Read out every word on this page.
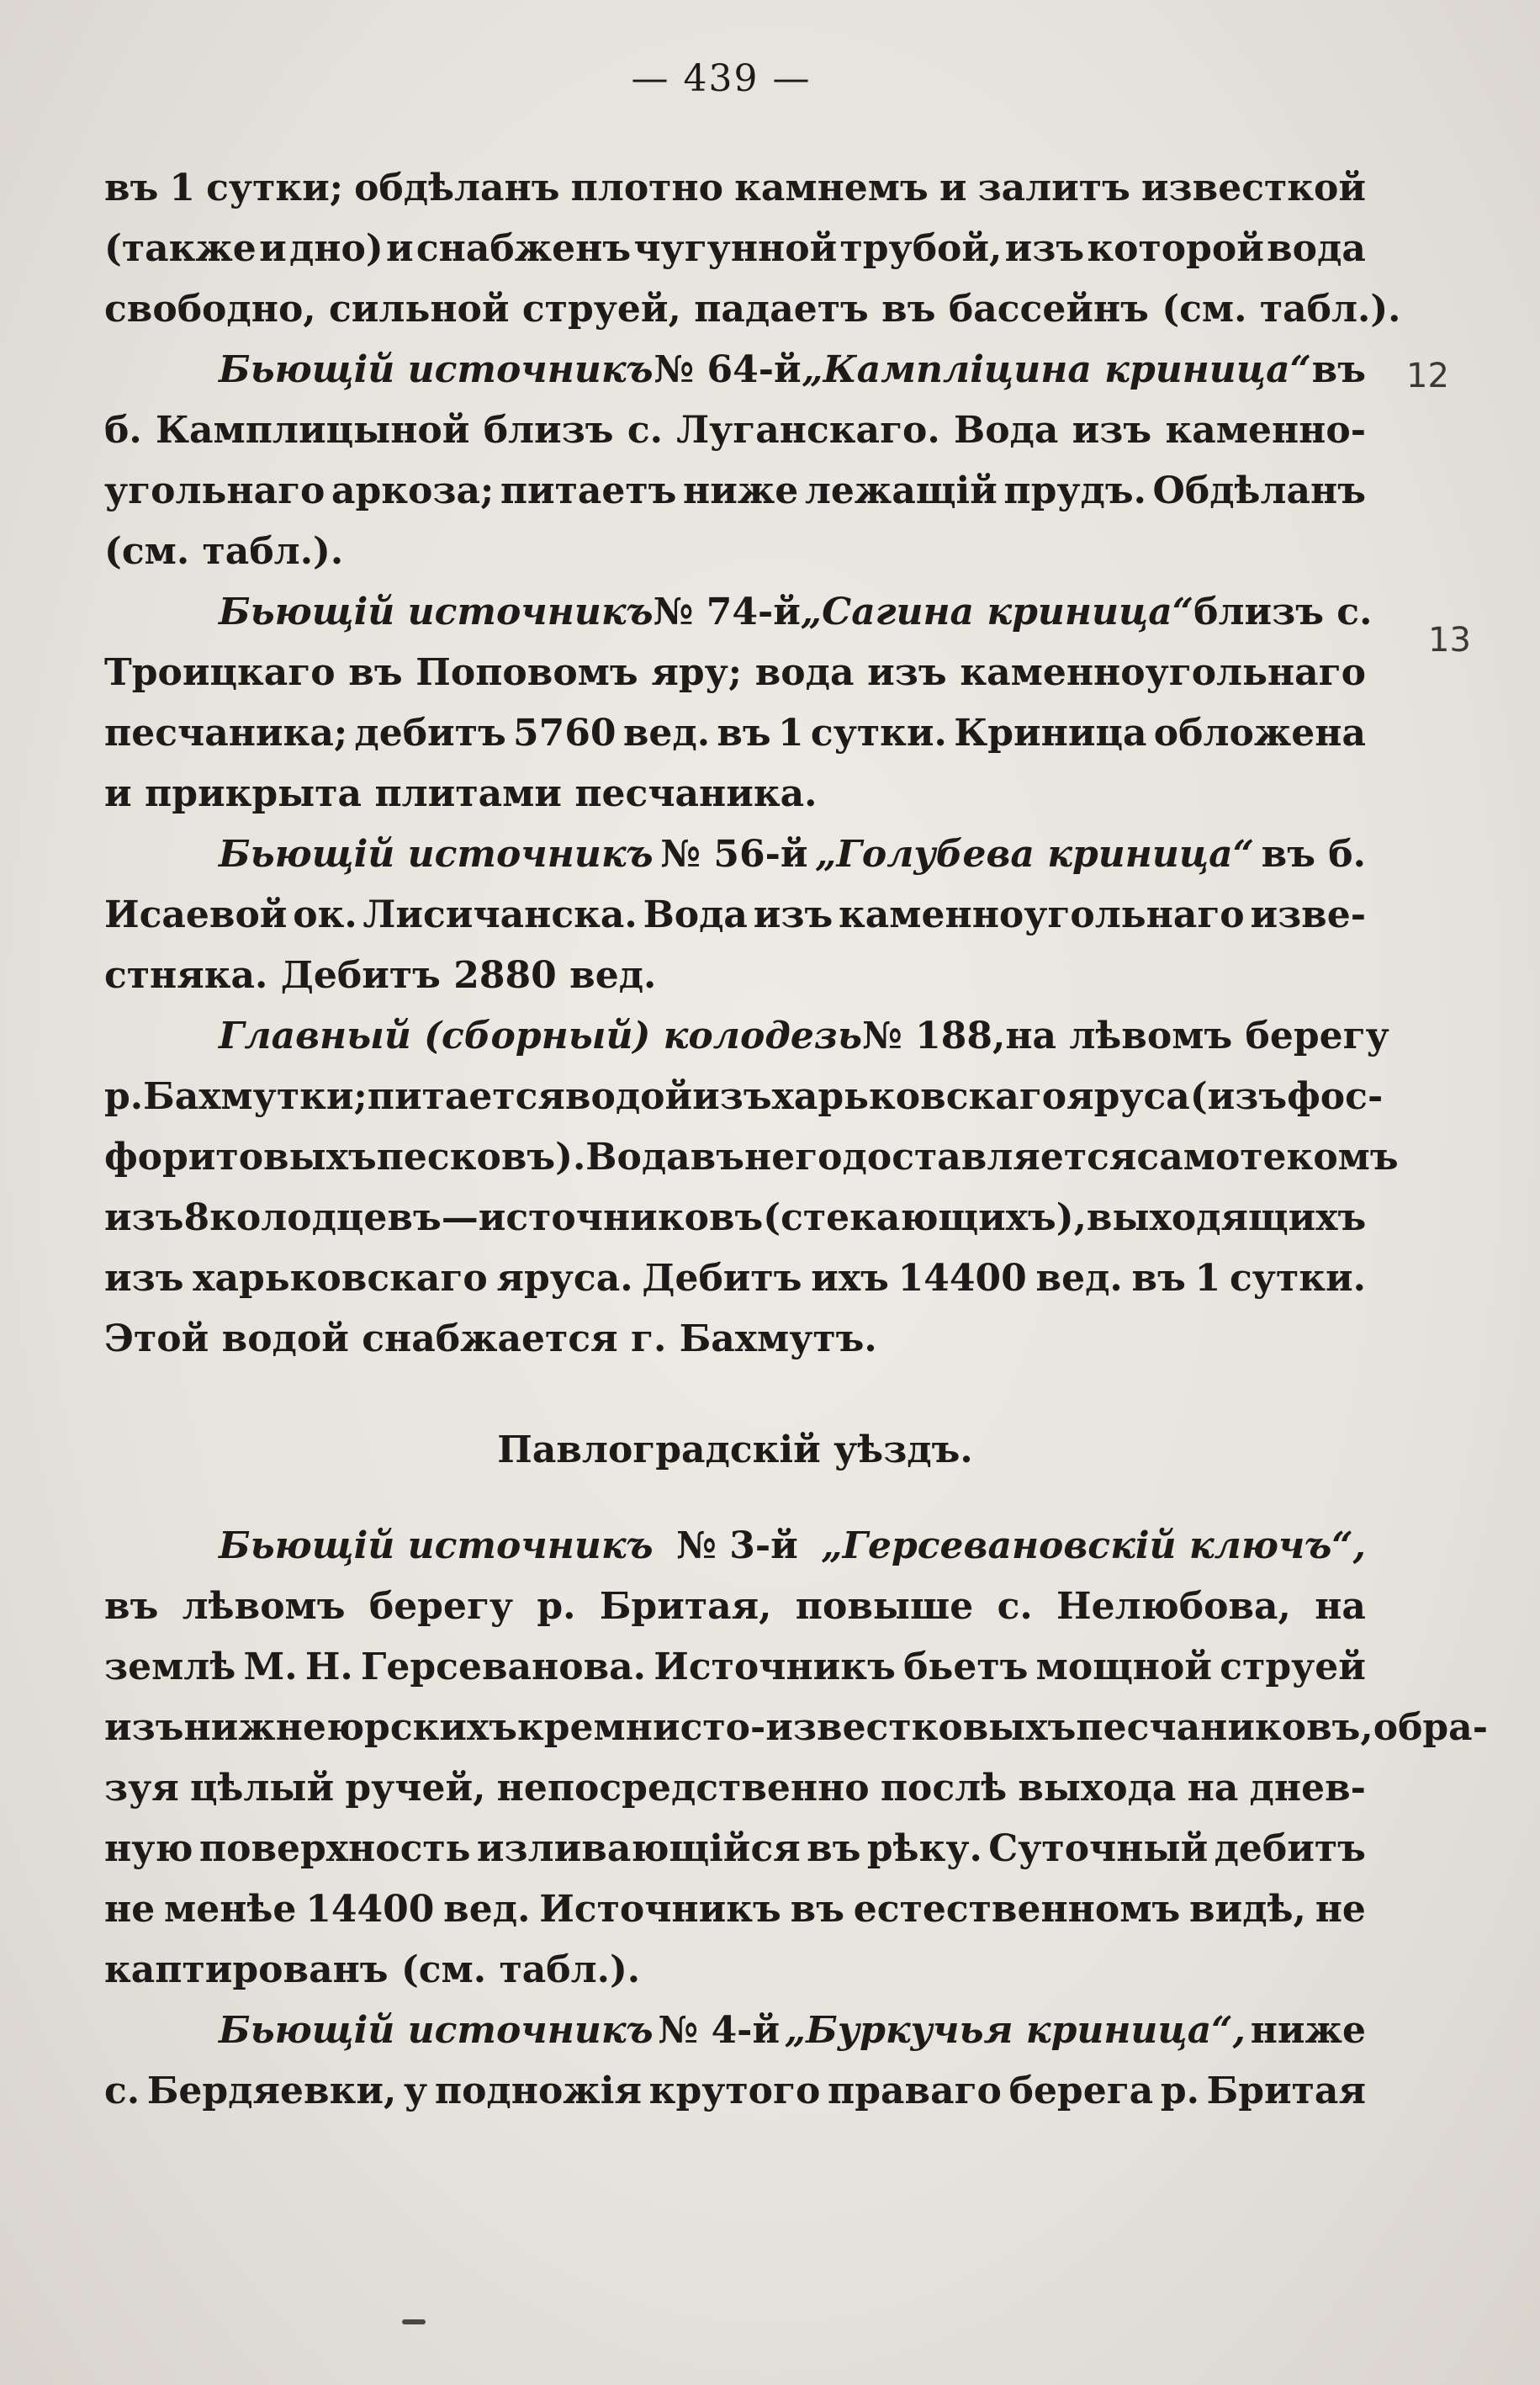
— 439 —
12
13
въ 1 сутки; обдѣланъ плотно камнемъ и залитъ известкой
(также и дно) и снабженъ чугунной трубой, изъ которой вода
свободно, сильной струей, падаетъ въ бассейнъ (см. табл.).
Бьющій источникъ № 64-й „Кампліцина криница“ въ
б. Камплицыной близъ с. Луганскаго. Вода изъ каменно-
угольнаго аркоза; питаетъ ниже лежащій прудъ. Обдѣланъ
(см. табл.).
Бьющій источникъ № 74-й „Сагина криница“ близъ с.
Троицкаго въ Поповомъ яру; вода изъ каменноугольнаго
песчаника; дебитъ 5760 вед. въ 1 сутки. Криница обложена
и прикрыта плитами песчаника.
Бьющій источникъ № 56-й „Голубева криница“ въ б.
Исаевой ок. Лисичанска. Вода изъ каменноугольнаго изве-
стняка. Дебитъ 2880 вед.
Главный (сборный) колодезь № 188, на лѣвомъ берегу
р. Бахмутки; питается водой изъ харьковскаго яруса (изъ фос-
форитовыхъ песковъ). Вода въ него доставляется самотекомъ
изъ 8 колодцевъ—источниковъ (стекающихъ), выходящихъ
изъ харьковскаго яруса. Дебитъ ихъ 14400 вед. въ 1 сутки.
Этой водой снабжается г. Бахмутъ.
Павлоградскій уѣздъ.
Бьющій источникъ № 3-й „Герсевановскій ключъ“,
въ лѣвомъ берегу р. Бритая, повыше с. Нелюбова, на
землѣ М. Н. Герсеванова. Источникъ бьетъ мощной струей
изъ нижнеюрскихъ кремнисто-известковыхъ песчаниковъ, обра-
зуя цѣлый ручей, непосредственно послѣ выхода на днев-
ную поверхность изливающійся въ рѣку. Суточный дебитъ
не менѣе 14400 вед. Источникъ въ естественномъ видѣ, не
каптированъ (см. табл.).
Бьющій источникъ № 4-й „Буркучья криница“, ниже
с. Бердяевки, у подножія крутого праваго берега р. Бритая
